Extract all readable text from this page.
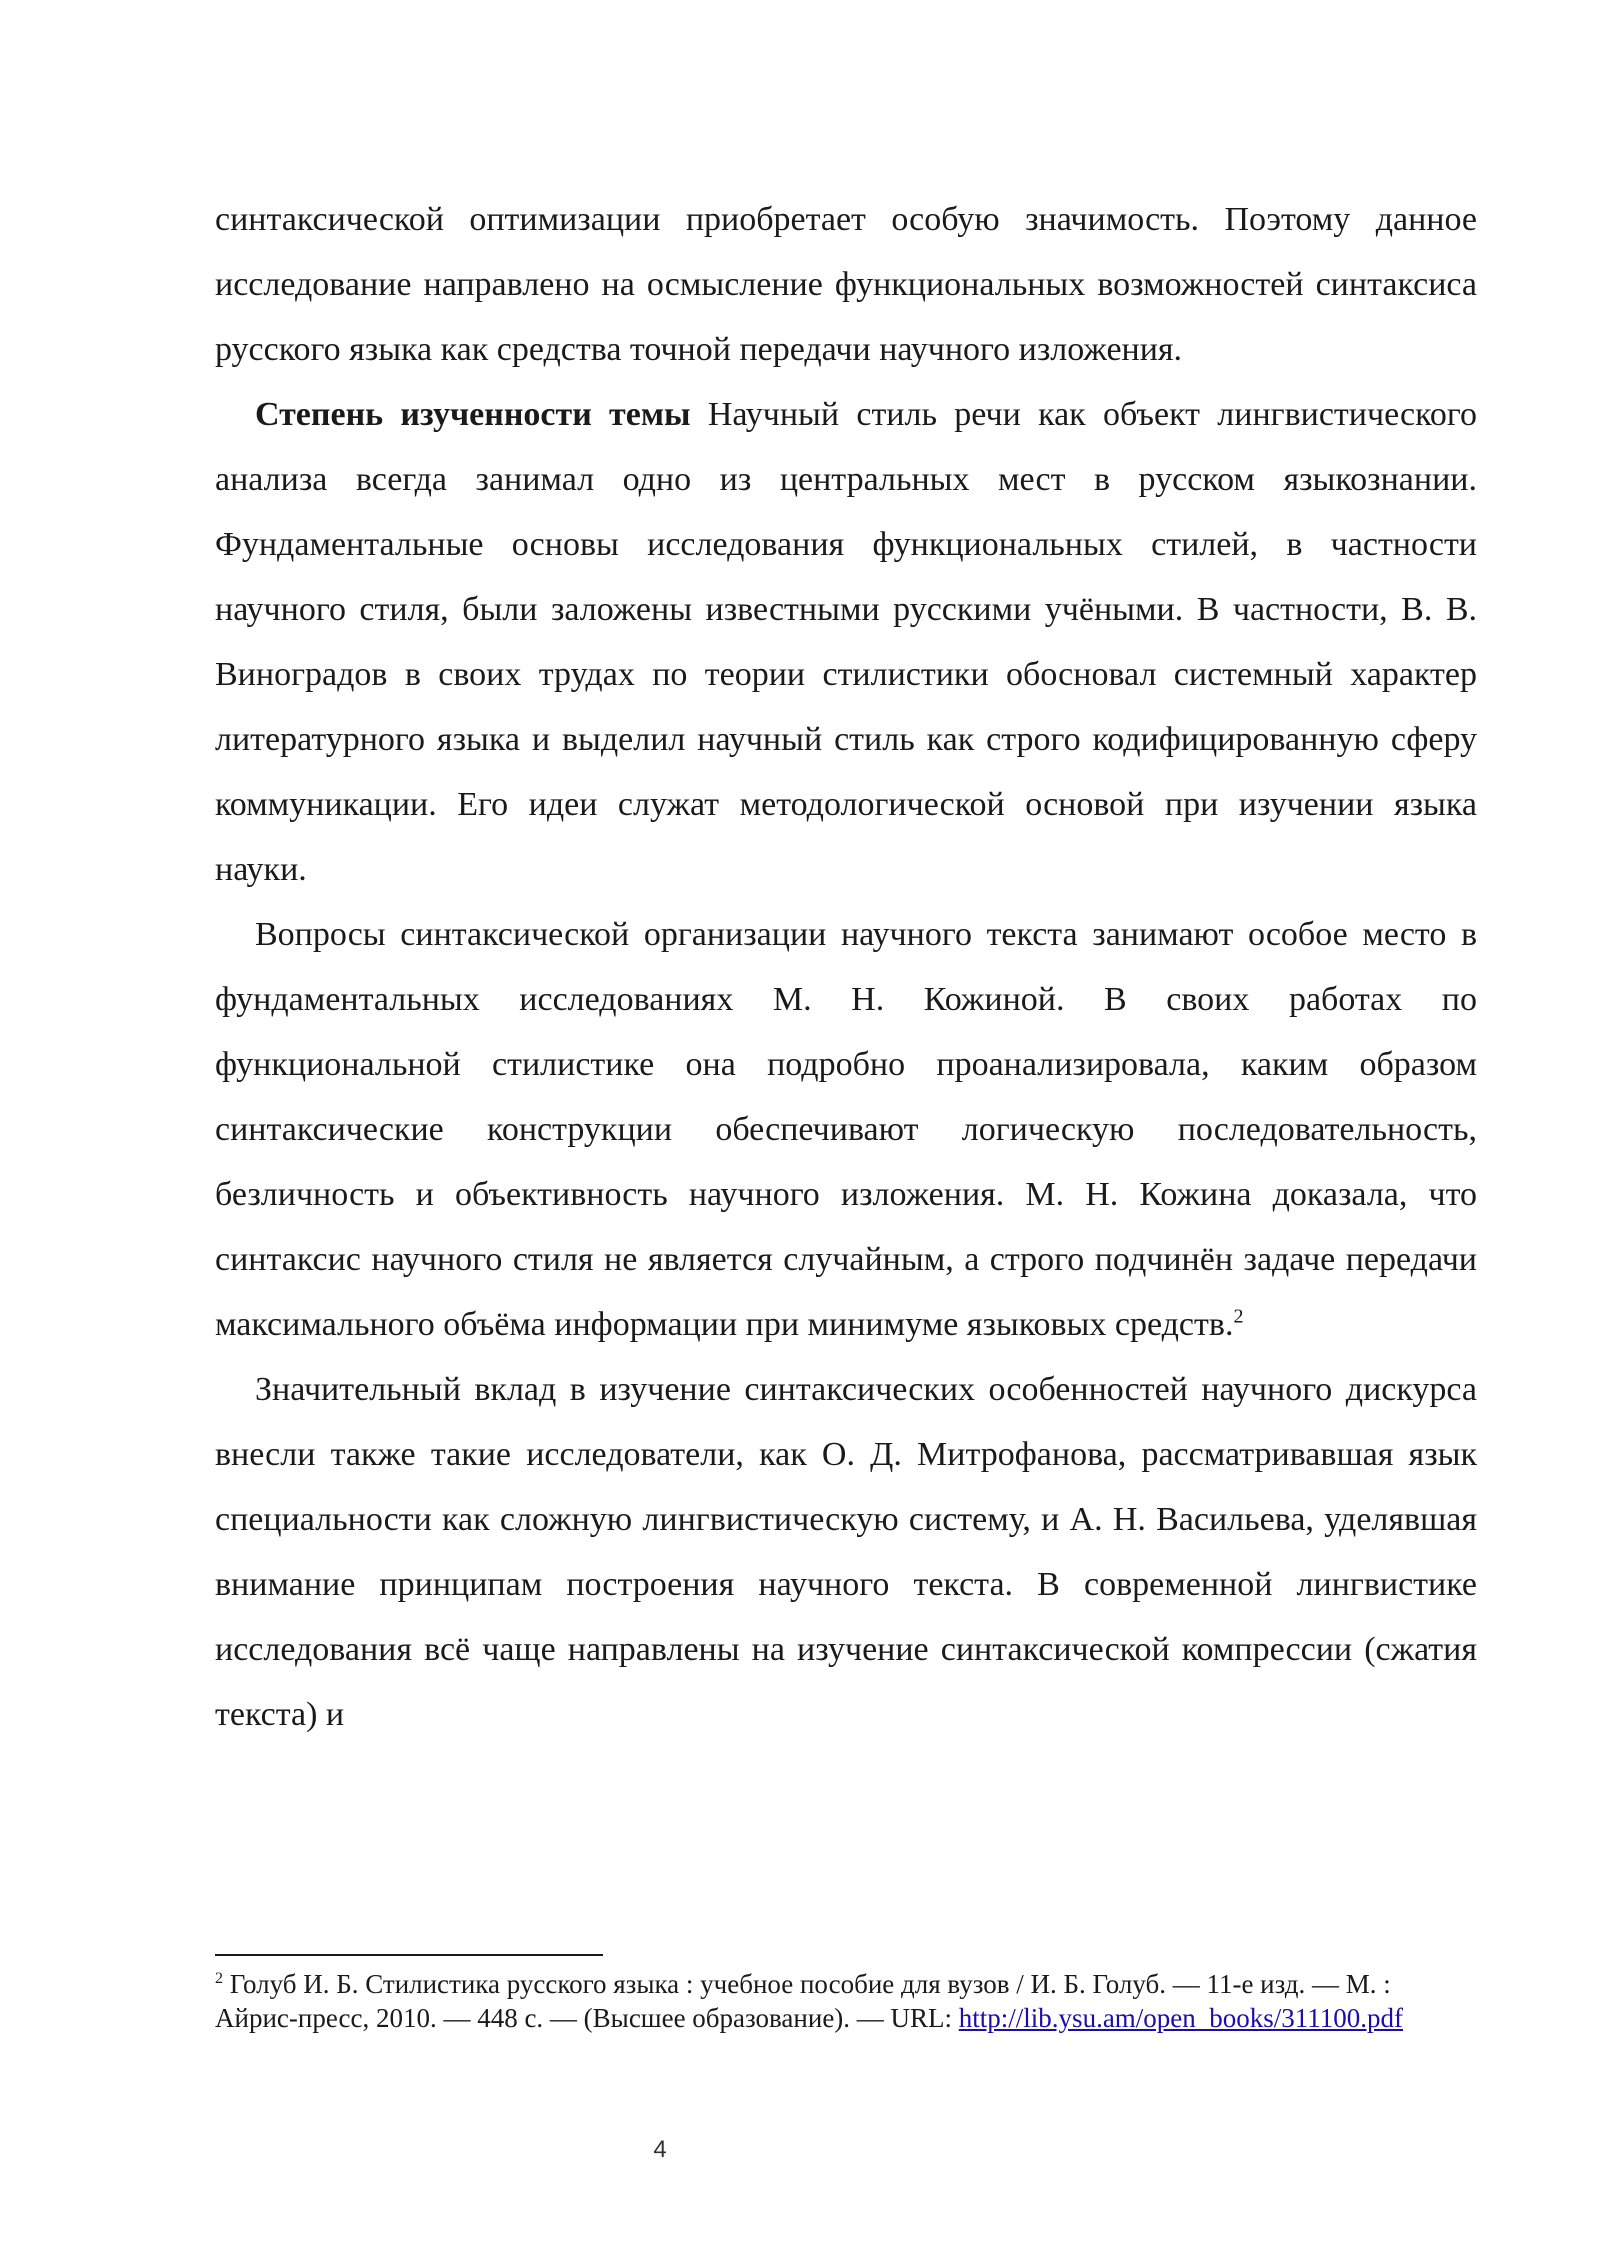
синтаксической оптимизации приобретает особую значимость. Поэтому данное исследование направлено на осмысление функциональных возможностей синтаксиса русского языка как средства точной передачи научного изложения.

Степень изученности темы Научный стиль речи как объект лингвистического анализа всегда занимал одно из центральных мест в русском языкознании. Фундаментальные основы исследования функциональных стилей, в частности научного стиля, были заложены известными русскими учёными. В частности, В. В. Виноградов в своих трудах по теории стилистики обосновал системный характер литературного языка и выделил научный стиль как строго кодифицированную сферу коммуникации. Его идеи служат методологической основой при изучении языка науки.

Вопросы синтаксической организации научного текста занимают особое место в фундаментальных исследованиях М. Н. Кожиной. В своих работах по функциональной стилистике она подробно проанализировала, каким образом синтаксические конструкции обеспечивают логическую последовательность, безличность и объективность научного изложения. М. Н. Кожина доказала, что синтаксис научного стиля не является случайным, а строго подчинён задаче передачи максимального объёма информации при минимуме языковых средств.$^2$

Значительный вклад в изучение синтаксических особенностей научного дискурса внесли также такие исследователи, как О. Д. Митрофанова, рассматривавшая язык специальности как сложную лингвистическую систему, и А. Н. Васильева, уделявшая внимание принципам построения научного текста. В современной лингвистике исследования всё чаще направлены на изучение синтаксической компрессии (сжатия текста) и

$^2$ Голуб И. Б. Стилистика русского языка : учебное пособие для вузов / И. Б. Голуб. — 11-е изд. — М. : Айрис-пресс, 2010. — 448 с. — (Высшее образование). — URL: http://lib.ysu.am/open_books/311100.pdf
4
